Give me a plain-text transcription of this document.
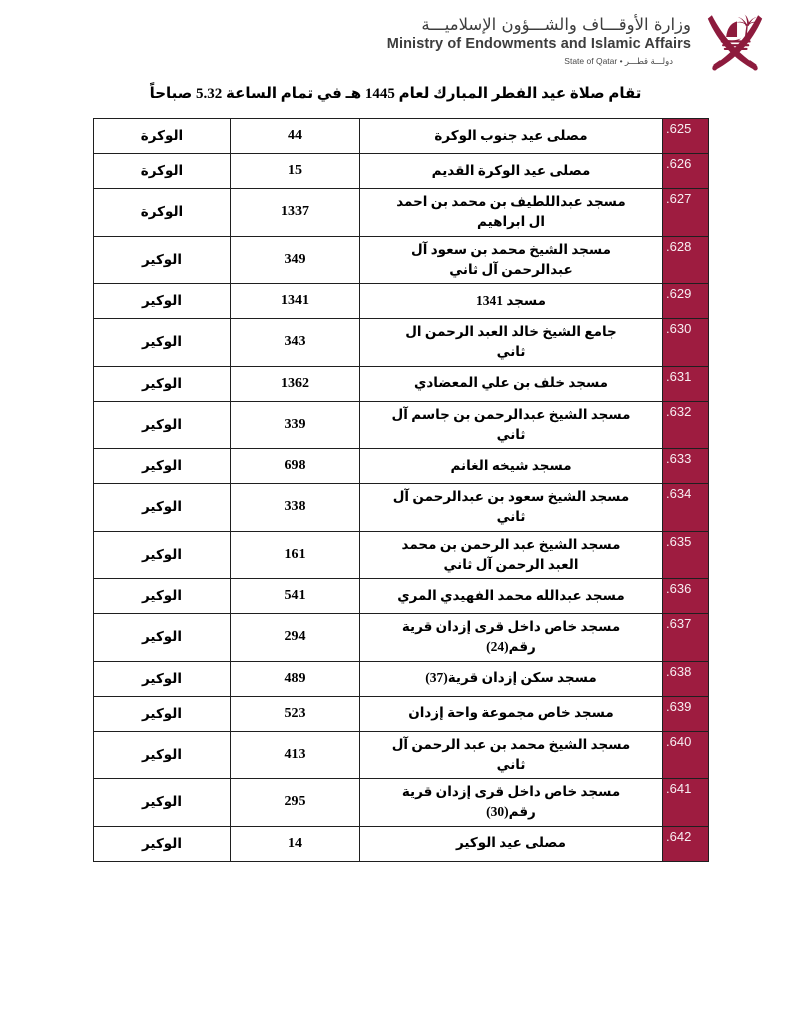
وزارة الأوقـــاف والشـــؤون الإسلاميـــة
Ministry of Endowments and Islamic Affairs
State of Qatar • دولـــة قطـــر
تقام صلاة عيد الفطر المبارك لعام 1445 هـ في تمام الساعة 5.32 صباحاً
الوكرة	44	مصلى عيد جنوب الوكرة	.625
الوكرة	15	مصلى عيد الوكرة القديم	.626
الوكرة	1337	مسجد عبداللطيف بن محمد بن احمد ال ابراهيم	.627
الوكير	349	مسجد الشيخ محمد بن سعود آل عبدالرحمن آل ثاني	.628
الوكير	1341	مسجد 1341	.629
الوكير	343	جامع الشيخ خالد العبد الرحمن ال ثاني	.630
الوكير	1362	مسجد خلف بن علي المعضادي	.631
الوكير	339	مسجد الشيخ عبدالرحمن بن جاسم آل ثاني	.632
الوكير	698	مسجد شيخه الغانم	.633
الوكير	338	مسجد الشيخ سعود بن عبدالرحمن آل ثاني	.634
الوكير	161	مسجد الشيخ عبد الرحمن بن محمد العبد الرحمن آل ثاني	.635
الوكير	541	مسجد عبدالله محمد الفهيدي المري	.636
الوكير	294	مسجد خاص داخل قرى إزدان قرية رقم(24)	.637
الوكير	489	مسجد سكن إزدان قرية(37)	.638
الوكير	523	مسجد خاص مجموعة واحة إزدان	.639
الوكير	413	مسجد الشيخ محمد بن عبد الرحمن آل ثاني	.640
الوكير	295	مسجد خاص داخل قرى إزدان قرية رقم(30)	.641
الوكير	14	مصلى عيد الوكير	.642
